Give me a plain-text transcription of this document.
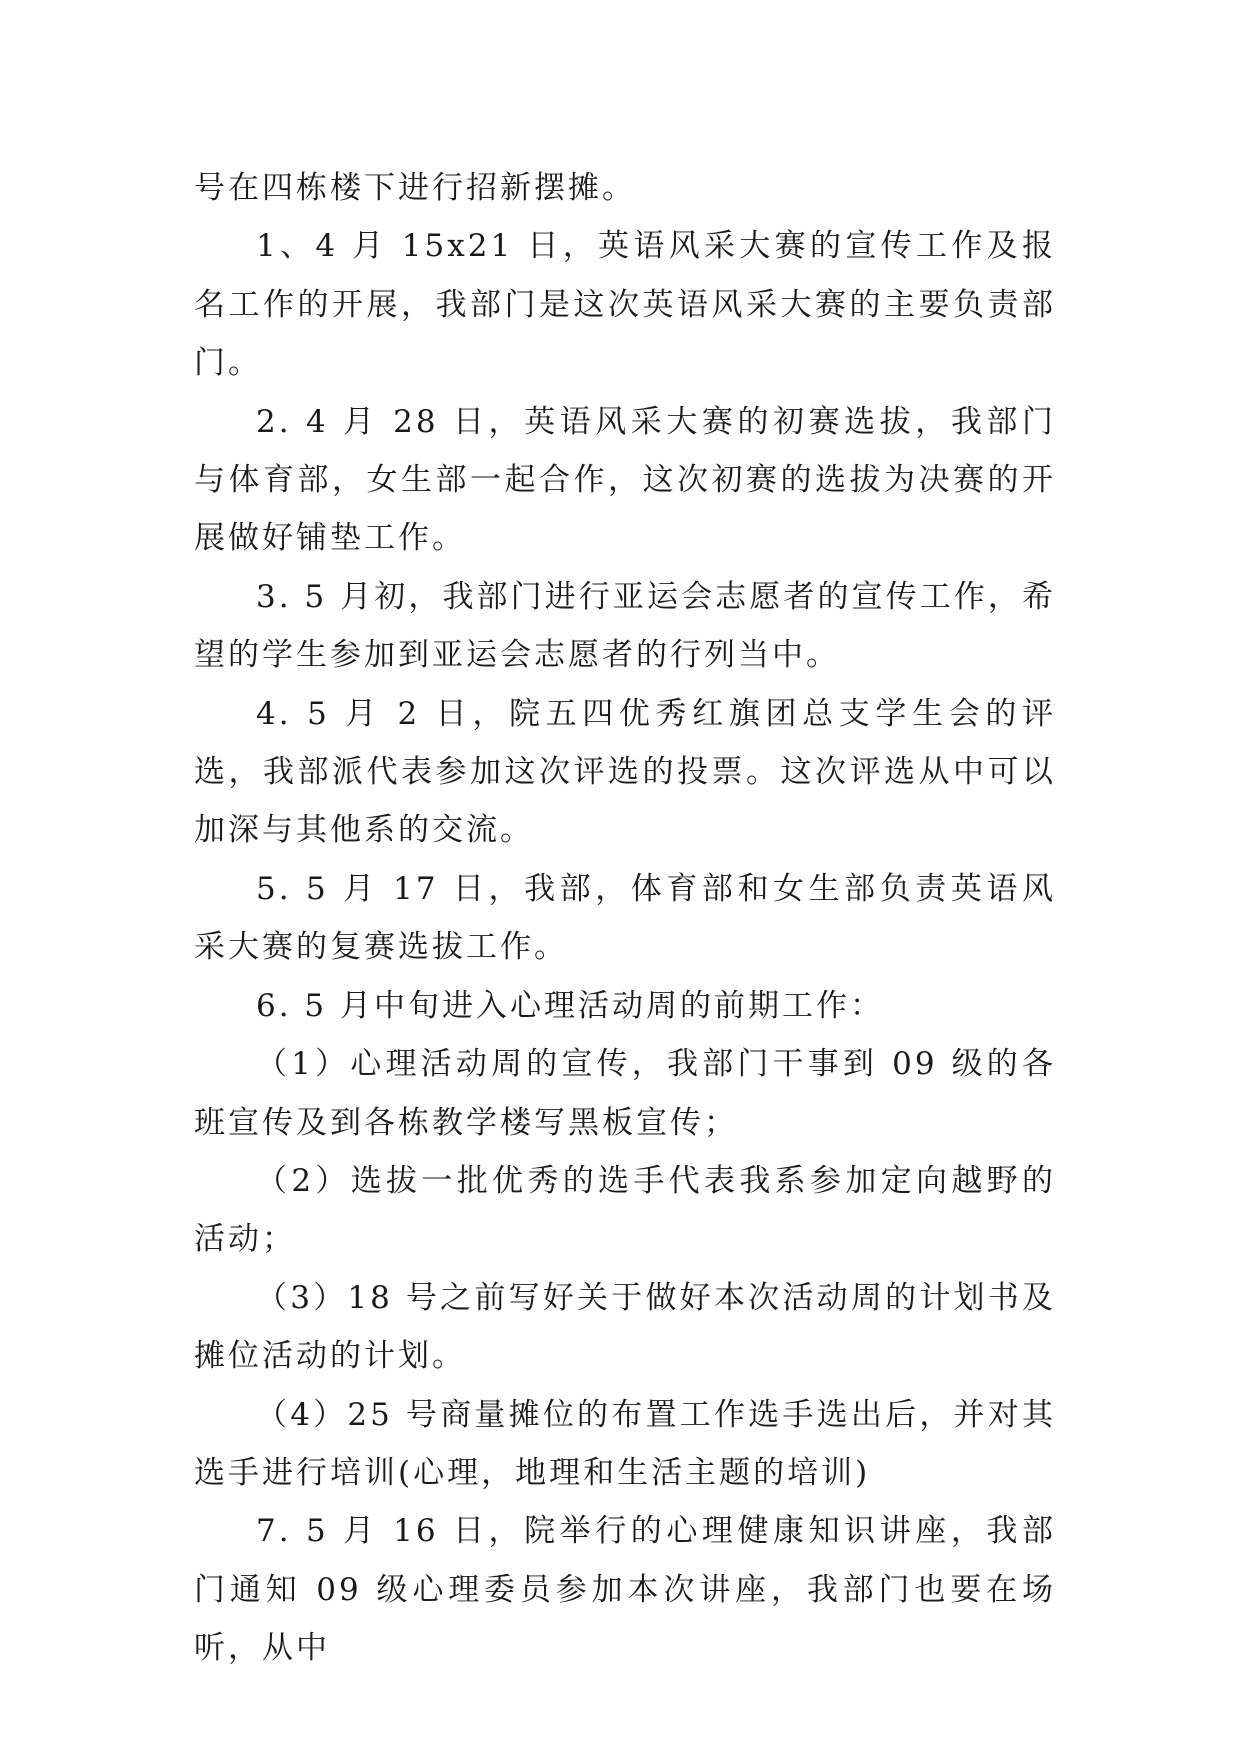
号在四栋楼下进行招新摆摊。

1、4 月 15x21 日，英语风采大赛的宣传工作及报名工作的开展，我部门是这次英语风采大赛的主要负责部门。

2. 4 月 28 日，英语风采大赛的初赛选拔，我部门与体育部，女生部一起合作，这次初赛的选拔为决赛的开展做好铺垫工作。

3. 5 月初，我部门进行亚运会志愿者的宣传工作，希望的学生参加到亚运会志愿者的行列当中。

4. 5 月 2 日，院五四优秀红旗团总支学生会的评选，我部派代表参加这次评选的投票。这次评选从中可以加深与其他系的交流。

5. 5 月 17 日，我部，体育部和女生部负责英语风采大赛的复赛选拔工作。

6. 5 月中旬进入心理活动周的前期工作：

（1）心理活动周的宣传，我部门干事到 09 级的各班宣传及到各栋教学楼写黑板宣传；

（2）选拔一批优秀的选手代表我系参加定向越野的活动；

（3）18 号之前写好关于做好本次活动周的计划书及摊位活动的计划。

（4）25 号商量摊位的布置工作选手选出后，并对其选手进行培训(心理，地理和生活主题的培训)

7. 5 月 16 日，院举行的心理健康知识讲座，我部门通知 09 级心理委员参加本次讲座，我部门也要在场听，从中
